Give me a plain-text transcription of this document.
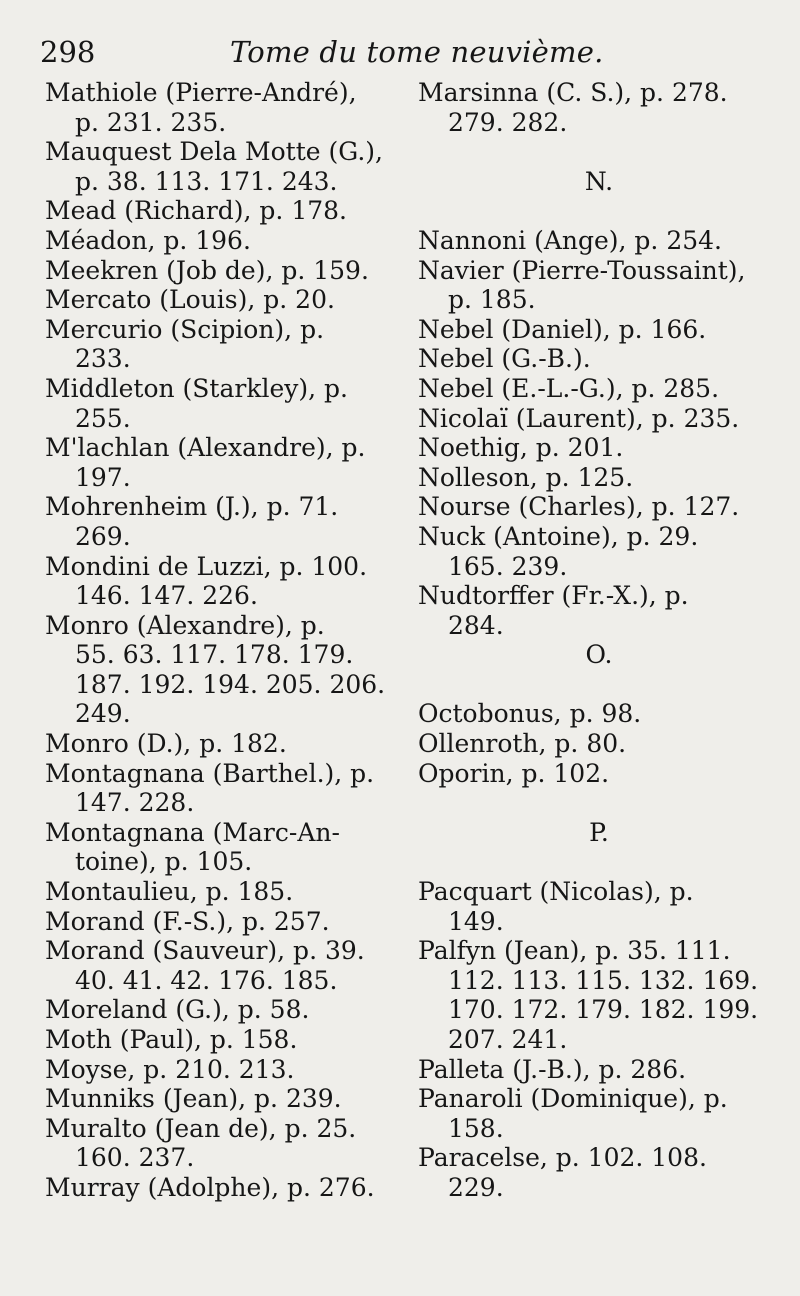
298	Tome du tome neuvième.
Mathiole (Pierre-André),
p. 231. 235.
Mauquest Dela Motte (G.),
p. 38. 113. 171. 243.
Mead (Richard), p. 178.
Méadon, p. 196.
Meekren (Job de), p. 159.
Mercato (Louis), p. 20.
Mercurio (Scipion), p.
233.
Middleton (Starkley), p.
255.
M'lachlan (Alexandre), p.
197.
Mohrenheim (J.), p. 71.
269.
Mondini de Luzzi, p. 100.
146. 147. 226.
Monro (Alexandre), p.
55. 63. 117. 178. 179.
187. 192. 194. 205. 206.
249.
Monro (D.), p. 182.
Montagnana (Barthel.), p.
147. 228.
Montagnana (Marc-An-
toine), p. 105.
Montaulieu, p. 185.
Morand (F.-S.), p. 257.
Morand (Sauveur), p. 39.
40. 41. 42. 176. 185.
Moreland (G.), p. 58.
Moth (Paul), p. 158.
Moyse, p. 210. 213.
Munniks (Jean), p. 239.
Muralto (Jean de), p. 25.
160. 237.
Murray (Adolphe), p. 276.
Marsinna (C. S.), p. 278.
279. 282.
N.
Nannoni (Ange), p. 254.
Navier (Pierre-Toussaint),
p. 185.
Nebel (Daniel), p. 166.
Nebel (G.-B.).
Nebel (E.-L.-G.), p. 285.
Nicolaï (Laurent), p. 235.
Noethig, p. 201.
Nolleson, p. 125.
Nourse (Charles), p. 127.
Nuck (Antoine), p. 29.
165. 239.
Nudtorffer (Fr.-X.), p.
284.
O.
Octobonus, p. 98.
Ollenroth, p. 80.
Oporin, p. 102.
P.
Pacquart (Nicolas), p.
149.
Palfyn (Jean), p. 35. 111.
112. 113. 115. 132. 169.
170. 172. 179. 182. 199.
207. 241.
Palleta (J.-B.), p. 286.
Panaroli (Dominique), p.
158.
Paracelse, p. 102. 108.
229.
